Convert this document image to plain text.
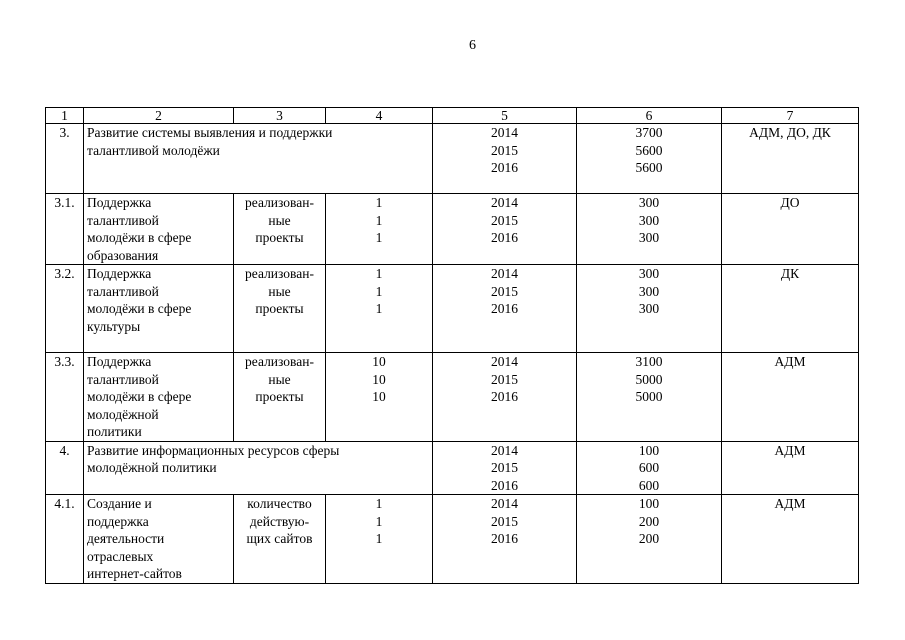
6
1	2	3	4	5	6	7
3.	Развитие системы выявления и поддержки
талантливой молодёжи			2014
2015
2016	3700
5600
5600	АДМ, ДО, ДК
3.1.	Поддержка
талантливой
молодёжи в сфере
образования	реализован-
ные
проекты	1
1
1	2014
2015
2016	300
300
300	ДО
3.2.	Поддержка
талантливой
молодёжи в сфере
культуры	реализован-
ные
проекты	1
1
1	2014
2015
2016	300
300
300	ДК
3.3.	Поддержка
талантливой
молодёжи в сфере
молодёжной
политики	реализован-
ные
проекты	10
10
10	2014
2015
2016	3100
5000
5000	АДМ
4.	Развитие информационных ресурсов сферы
молодёжной политики			2014
2015
2016	100
600
600	АДМ
4.1.	Создание и
поддержка
деятельности
отраслевых
интернет-сайтов	количество
действую-
щих сайтов	1
1
1	2014
2015
2016	100
200
200	АДМ
